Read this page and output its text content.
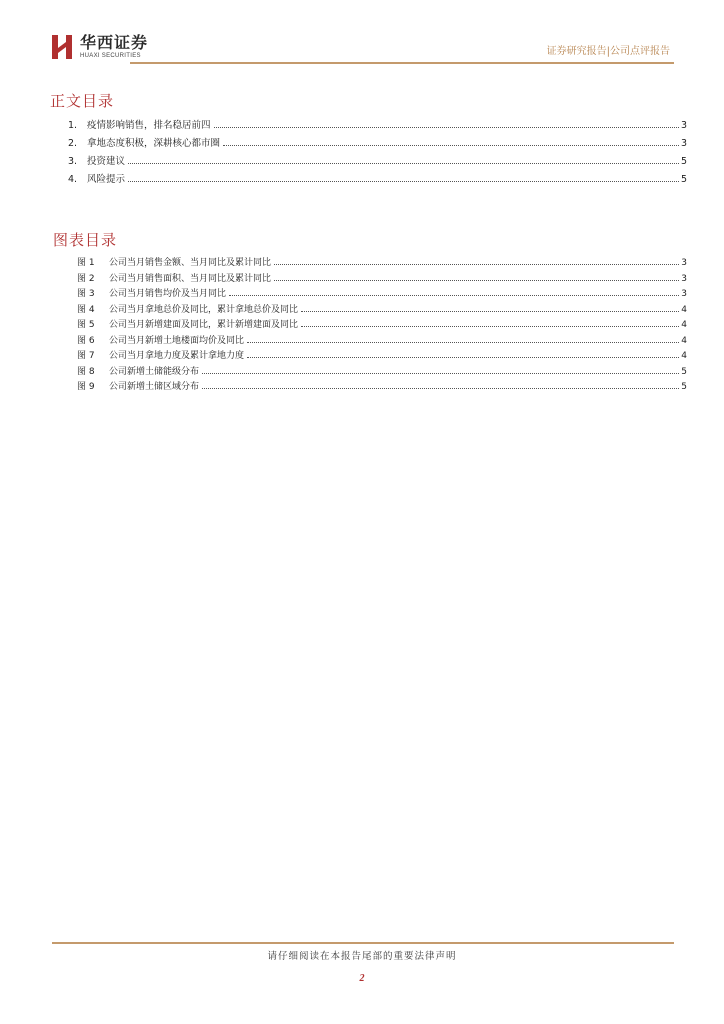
华西证券
HUAXI SECURITIES	证券研究报告|公司点评报告
正文目录
1.	疫情影响销售，排名稳居前四	3
2.	拿地态度积极，深耕核心都市圈	3
3.	投资建议	5
4.	风险提示	5
图表目录
图 1	公司当月销售金额、当月同比及累计同比	3
图 2	公司当月销售面积、当月同比及累计同比	3
图 3	公司当月销售均价及当月同比	3
图 4	公司当月拿地总价及同比，累计拿地总价及同比	4
图 5	公司当月新增建面及同比，累计新增建面及同比	4
图 6	公司当月新增土地楼面均价及同比	4
图 7	公司当月拿地力度及累计拿地力度	4
图 8	公司新增土储能级分布	5
图 9	公司新增土储区域分布	5
请仔细阅读在本报告尾部的重要法律声明
2
